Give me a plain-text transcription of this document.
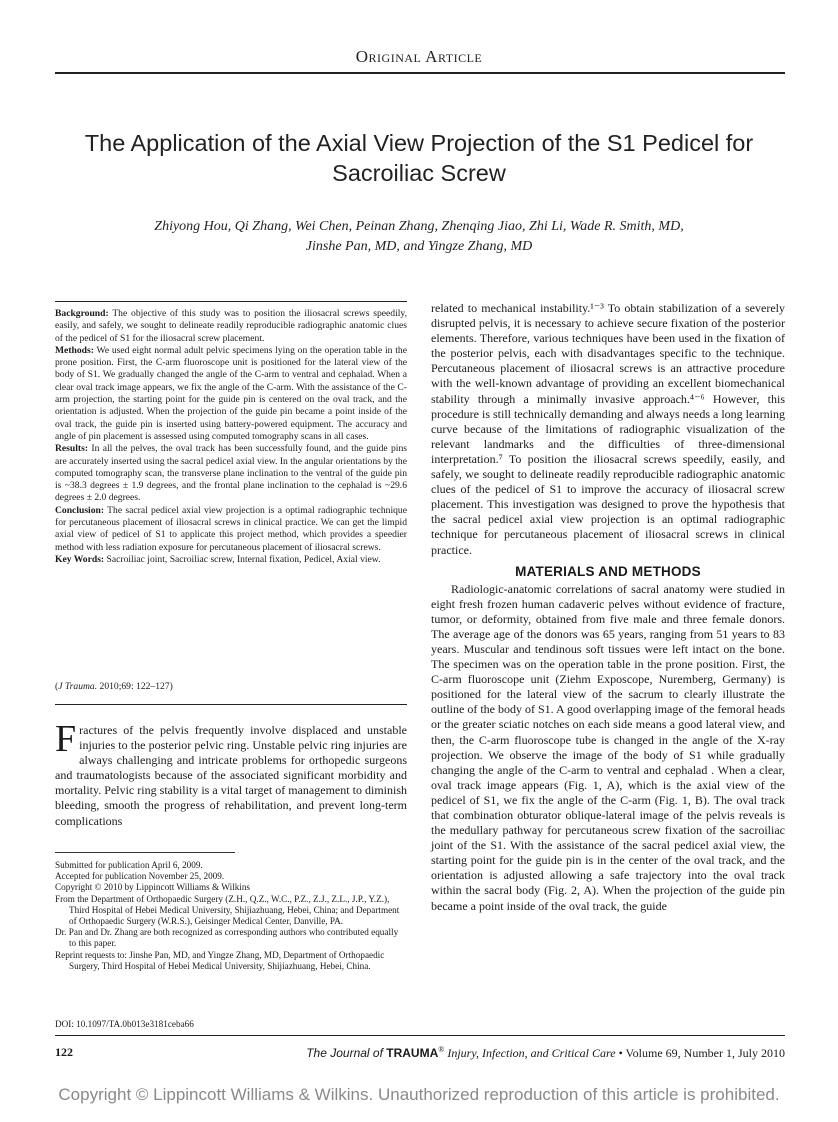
Original Article
The Application of the Axial View Projection of the S1 Pedicel for
Sacroiliac Screw
Zhiyong Hou, Qi Zhang, Wei Chen, Peinan Zhang, Zhenqing Jiao, Zhi Li, Wade R. Smith, MD,
Jinshe Pan, MD, and Yingze Zhang, MD

Background: The objective of this study was to position the iliosacral screws speedily, easily, and safely, we sought to delineate readily reproducible radiographic anatomic clues of the pedicel of S1 for the iliosacral screw placement.

Methods: We used eight normal adult pelvic specimens lying on the operation table in the prone position. First, the C-arm fluoroscope unit is positioned for the lateral view of the body of S1. We gradually changed the angle of the C-arm to ventral and cephalad. When a clear oval track image appears, we fix the angle of the C-arm. With the assistance of the C-arm projection, the starting point for the guide pin is centered on the oval track, and the orientation is adjusted. When the projection of the guide pin became a point inside of the oval track, the guide pin is inserted using battery-powered equipment. The accuracy and angle of pin placement is assessed using computed tomography scans in all cases.

Results: In all the pelves, the oval track has been successfully found, and the guide pins are accurately inserted using the sacral pedicel axial view. In the angular orientations by the computed tomography scan, the transverse plane inclination to the ventral of the guide pin is ~38.3 degrees ± 1.9 degrees, and the frontal plane inclination to the cephalad is ~29.6 degrees ± 2.0 degrees.

Conclusion: The sacral pedicel axial view projection is a optimal radiographic technique for percutaneous placement of iliosacral screws in clinical practice. We can get the limpid axial view of pedicel of S1 to applicate this project method, which provides a speedier method with less radiation exposure for percutaneous placement of iliosacral screws.

Key Words: Sacroiliac joint, Sacroiliac screw, Internal fixation, Pedicel, Axial view.

(J Trauma. 2010;69: 122–127)

Fractures of the pelvis frequently involve displaced and unstable injuries to the posterior pelvic ring. Unstable pelvic ring injuries are always challenging and intricate problems for orthopedic surgeons and traumatologists because of the associated significant morbidity and mortality. Pelvic ring stability is a vital target of management to diminish bleeding, smooth the progress of rehabilitation, and prevent long-term complications

Submitted for publication April 6, 2009.

Accepted for publication November 25, 2009.

Copyright © 2010 by Lippincott Williams & Wilkins

From the Department of Orthopaedic Surgery (Z.H., Q.Z., W.C., P.Z., Z.J., Z.L., J.P., Y.Z.), Third Hospital of Hebei Medical University, Shijiazhuang, Hebei, China; and Department of Orthopaedic Surgery (W.R.S.), Geisinger Medical Center, Danville, PA.

Dr. Pan and Dr. Zhang are both recognized as corresponding authors who contributed equally to this paper.

Reprint requests to: Jinshe Pan, MD, and Yingze Zhang, MD, Department of Orthopaedic Surgery, Third Hospital of Hebei Medical University, Shijiazhuang, Hebei, China.

DOI: 10.1097/TA.0b013e3181ceba66

related to mechanical instability.¹⁻³ To obtain stabilization of a severely disrupted pelvis, it is necessary to achieve secure fixation of the posterior elements. Therefore, various techniques have been used in the fixation of the posterior pelvis, each with disadvantages specific to the technique. Percutaneous placement of iliosacral screws is an attractive procedure with the well-known advantage of providing an excellent biomechanical stability through a minimally invasive approach.⁴⁻⁶ However, this procedure is still technically demanding and always needs a long learning curve because of the limitations of radiographic visualization of the relevant landmarks and the difficulties of three-dimensional interpretation.⁷ To position the iliosacral screws speedily, easily, and safely, we sought to delineate readily reproducible radiographic anatomic clues of the pedicel of S1 to improve the accuracy of iliosacral screw placement. This investigation was designed to prove the hypothesis that the sacral pedicel axial view projection is an optimal radiographic technique for percutaneous placement of iliosacral screws in clinical practice.

MATERIALS AND METHODS

Radiologic-anatomic correlations of sacral anatomy were studied in eight fresh frozen human cadaveric pelves without evidence of fracture, tumor, or deformity, obtained from five male and three female donors. The average age of the donors was 65 years, ranging from 51 years to 83 years. Muscular and tendinous soft tissues were left intact on the bone. The specimen was on the operation table in the prone position. First, the C-arm fluoroscope unit (Ziehm Exposcope, Nuremberg, Germany) is positioned for the lateral view of the sacrum to clearly illustrate the outline of the body of S1. A good overlapping image of the femoral heads or the greater sciatic notches on each side means a good lateral view, and then, the C-arm fluoroscope tube is changed in the angle of the X-ray projection. We observe the image of the body of S1 while gradually changing the angle of the C-arm to ventral and cephalad . When a clear, oval track image appears (Fig. 1, A), which is the axial view of the pedicel of S1, we fix the angle of the C-arm (Fig. 1, B). The oval track that combination obturator oblique-lateral image of the pelvis reveals is the medullary pathway for percutaneous screw fixation of the sacroiliac joint of the S1. With the assistance of the sacral pedicel axial view, the starting point for the guide pin is in the center of the oval track, and the orientation is adjusted allowing a safe trajectory into the oval track within the sacral body (Fig. 2, A). When the projection of the guide pin became a point inside of the oval track, the guide

122	The Journal of TRAUMA® Injury, Infection, and Critical Care • Volume 69, Number 1, July 2010
Copyright © Lippincott Williams & Wilkins. Unauthorized reproduction of this article is prohibited.
